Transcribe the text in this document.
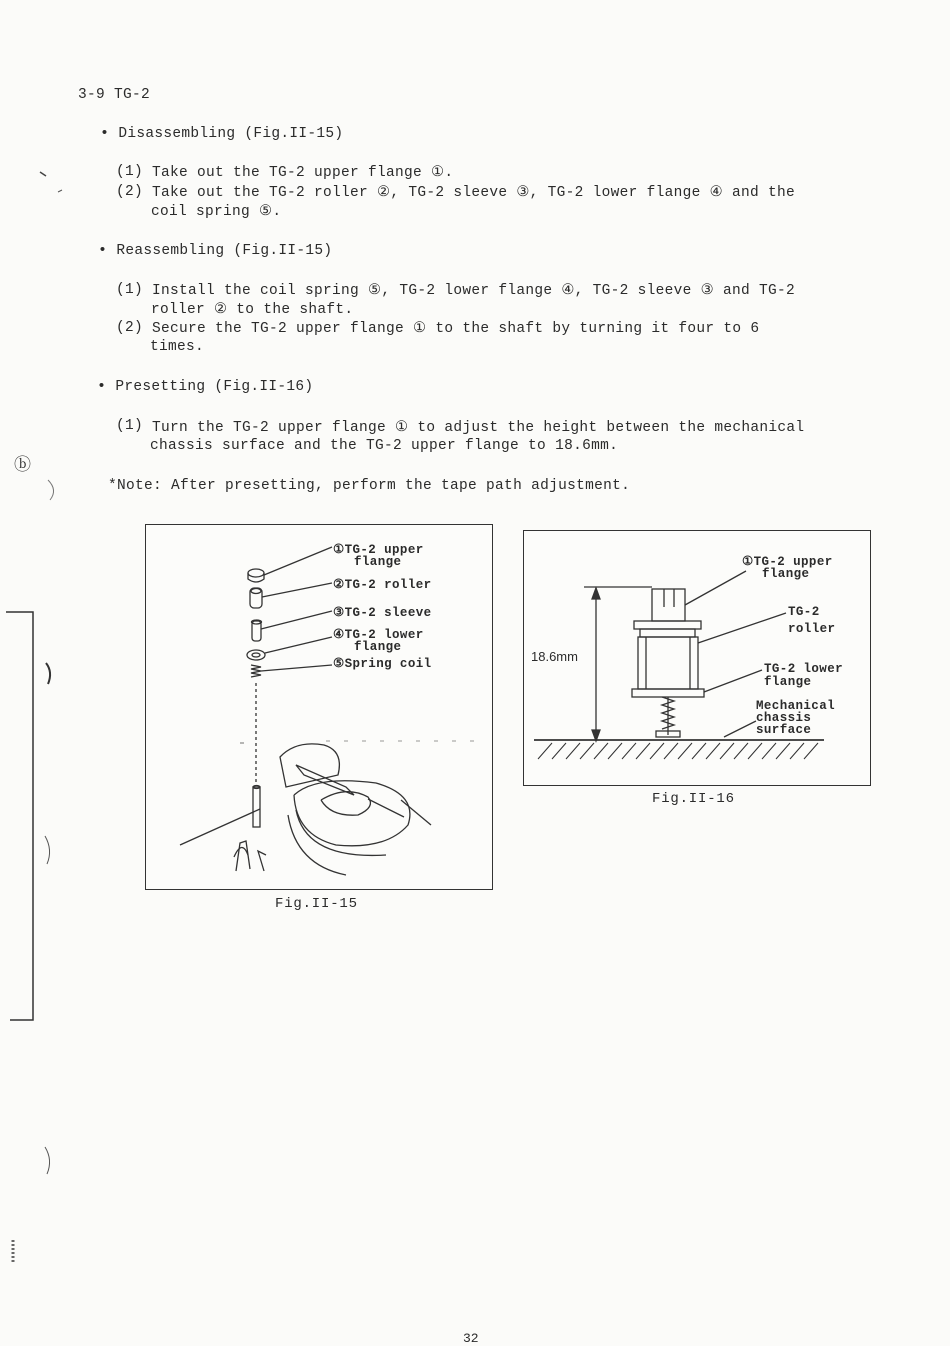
3-9 TG-2
• Disassembling (Fig.II-15)
(1) Take out the TG-2 upper flange ①.
(2) Take out the TG-2 roller ②, TG-2 sleeve ③, TG-2 lower flange ④ and the
coil spring ⑤.
• Reassembling (Fig.II-15)
(1) Install the coil spring ⑤, TG-2 lower flange ④, TG-2 sleeve ③ and TG-2
roller ② to the shaft.
(2) Secure the TG-2 upper flange ① to the shaft by turning it four to 6
times.
• Presetting (Fig.II-16)
(1) Turn the TG-2 upper flange ① to adjust the height between the mechanical
chassis surface and the TG-2 upper flange to 18.6mm.
*Note: After presetting, perform the tape path adjustment.
ⓑ
①TG-2 upper
flange
②TG-2 roller
③TG-2 sleeve
④TG-2 lower
flange
⑤Spring coil
Fig.II-15
18.6mm
①TG-2 upper
flange
TG-2
roller
TG-2 lower
flange
Mechanical
chassis
surface
Fig.II-16
32
